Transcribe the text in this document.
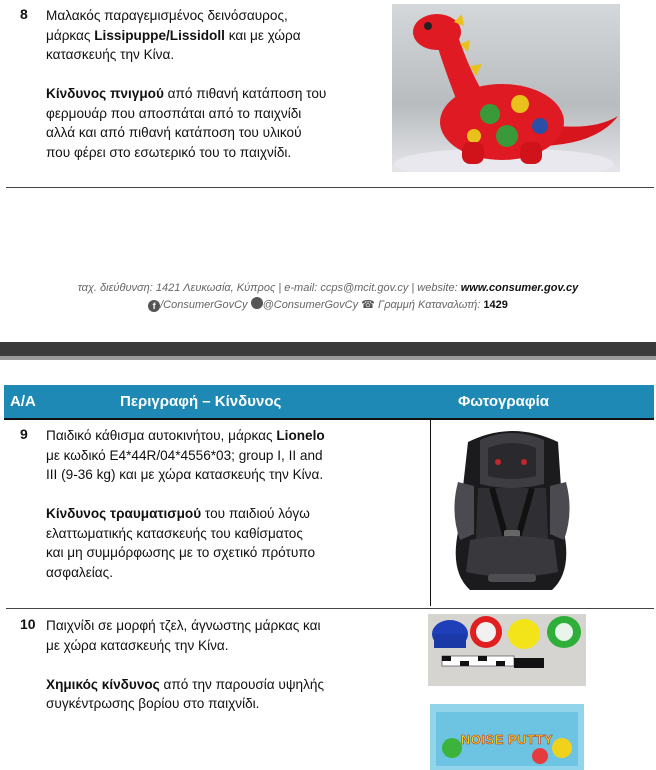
8 Μαλακός παραγεμισμένος δεινόσαυρος,
μάρκας Lissipuppe/Lissidoll και με χώρα
κατασκευής την Κίνα.
Κίνδυνος πνιγμού από πιθανή κατάποση του
φερμουάρ που αποσπάται από το παιχνίδι
αλλά και από πιθανή κατάποση του υλικού
που φέρει στο εσωτερικό του το παιχνίδι.
ταχ. διεύθυνση: 1421 Λευκωσία, Κύπρος | e-mail: ccps@mcit.gov.cy | website: www.consumer.gov.cy
f /ConsumerGovCy @ConsumerGovCy ☎ Γραμμή Καταναλωτή: 1429
Α/Α	Περιγραφή – Κίνδυνος	Φωτογραφία
9 Παιδικό κάθισμα αυτοκινήτου, μάρκας Lionelo
με κωδικό E4*44R/04*4556*03; group I, II and
III (9-36 kg) και με χώρα κατασκευής την Κίνα.
Κίνδυνος τραυματισμού του παιδιού λόγω
ελαττωματικής κατασκευής του καθίσματος
και μη συμμόρφωσης με το σχετικό πρότυπο
ασφαλείας.
10 Παιχνίδι σε μορφή τζελ, άγνωστης μάρκας και
με χώρα κατασκευής την Κίνα.
Χημικός κίνδυνος από την παρουσία υψηλής
συγκέντρωσης βορίου στο παιχνίδι.
NOISE PUTTY
